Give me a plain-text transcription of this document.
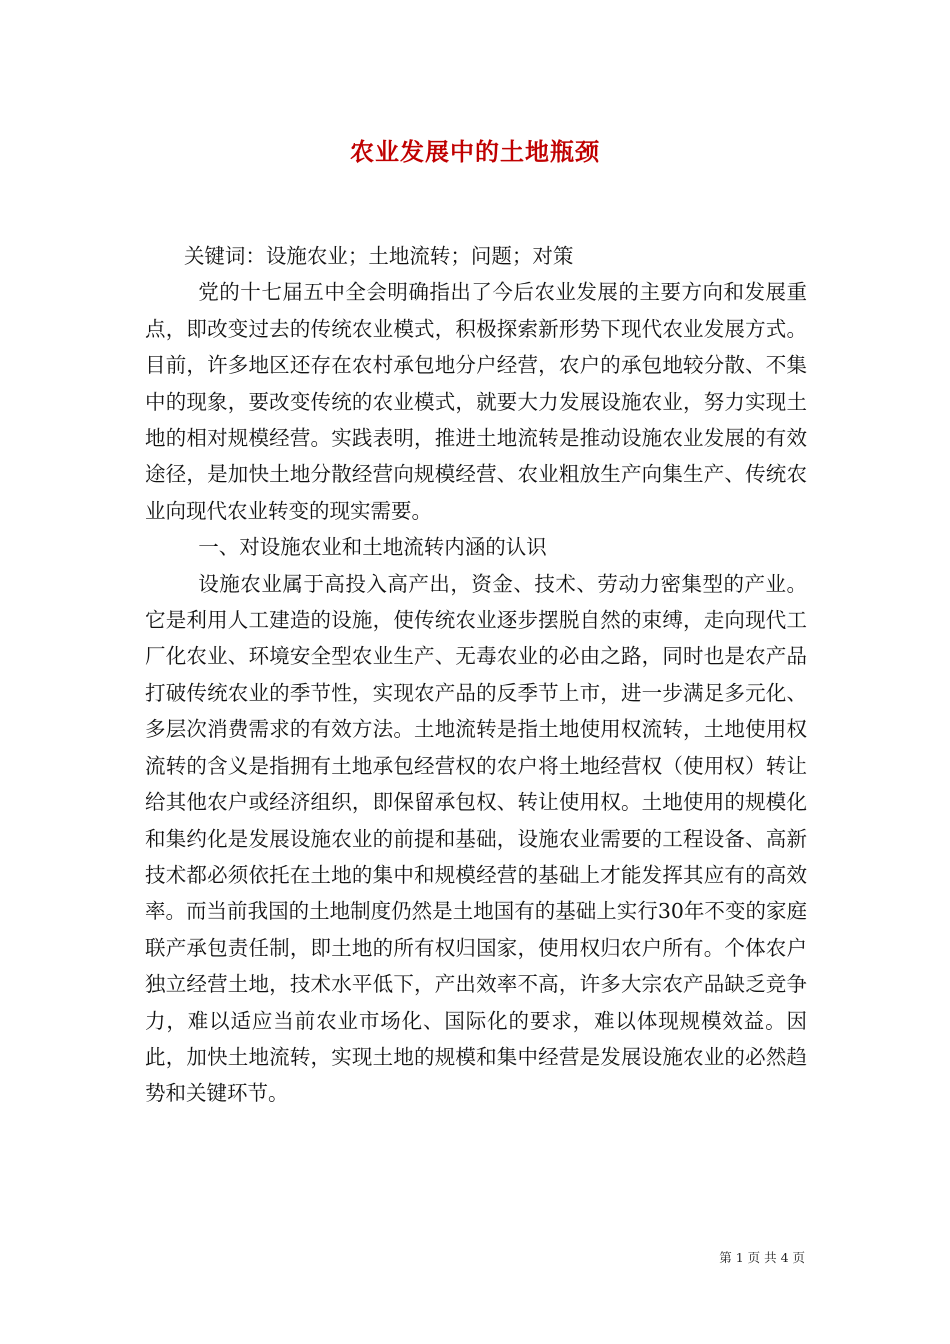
农业发展中的土地瓶颈

关键词：设施农业；土地流转；问题；对策

党的十七届五中全会明确指出了今后农业发展的主要方向和发展重点，即改变过去的传统农业模式，积极探索新形势下现代农业发展方式。目前，许多地区还存在农村承包地分户经营，农户的承包地较分散、不集中的现象，要改变传统的农业模式，就要大力发展设施农业，努力实现土地的相对规模经营。实践表明，推进土地流转是推动设施农业发展的有效途径，是加快土地分散经营向规模经营、农业粗放生产向集生产、传统农业向现代农业转变的现实需要。

一、对设施农业和土地流转内涵的认识

设施农业属于高投入高产出，资金、技术、劳动力密集型的产业。它是利用人工建造的设施，使传统农业逐步摆脱自然的束缚，走向现代工厂化农业、环境安全型农业生产、无毒农业的必由之路，同时也是农产品打破传统农业的季节性，实现农产品的反季节上市，进一步满足多元化、多层次消费需求的有效方法。土地流转是指土地使用权流转，土地使用权流转的含义是指拥有土地承包经营权的农户将土地经营权（使用权）转让给其他农户或经济组织，即保留承包权、转让使用权。土地使用的规模化和集约化是发展设施农业的前提和基础，设施农业需要的工程设备、高新技术都必须依托在土地的集中和规模经营的基础上才能发挥其应有的高效率。而当前我国的土地制度仍然是土地国有的基础上实行30年不变的家庭联产承包责任制，即土地的所有权归国家，使用权归农户所有。个体农户独立经营土地，技术水平低下，产出效率不高，许多大宗农产品缺乏竞争力，难以适应当前农业市场化、国际化的要求，难以体现规模效益。因此，加快土地流转，实现土地的规模和集中经营是发展设施农业的必然趋势和关键环节。

第 1 页 共 4 页
